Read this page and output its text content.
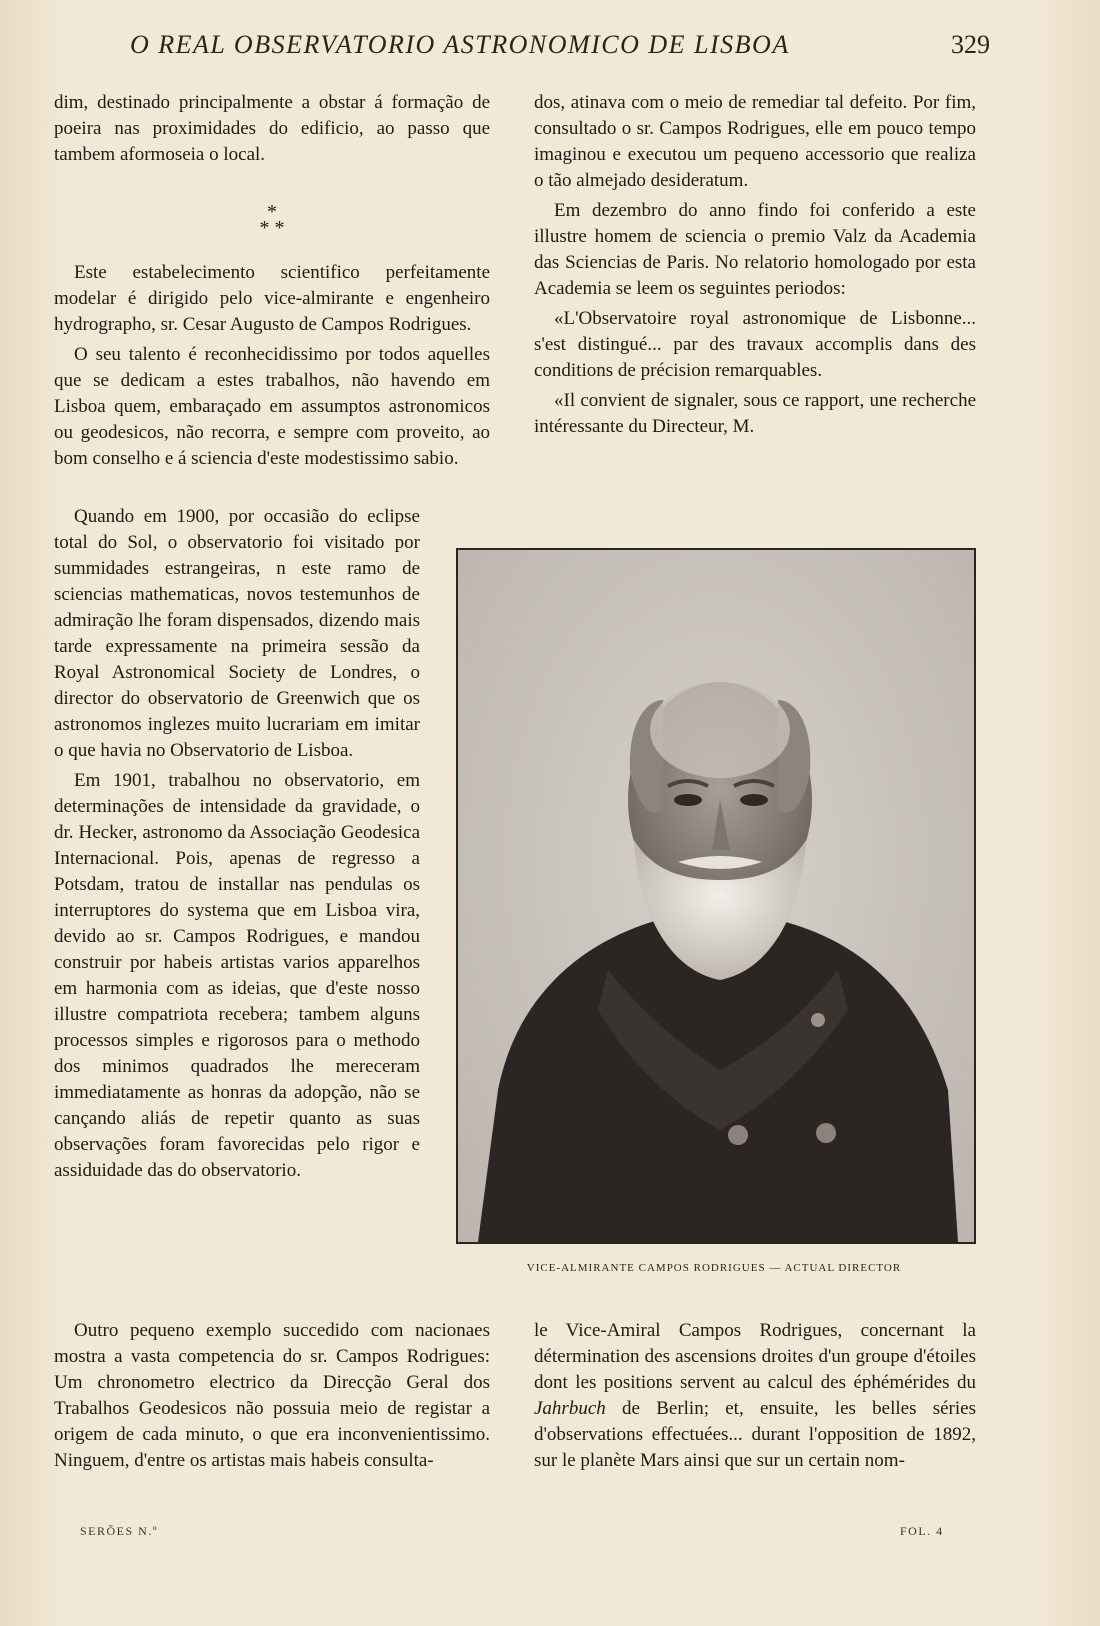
O REAL OBSERVATORIO ASTRONOMICO DE LISBOA	329

dim, destinado principalmente a obstar á formação de poeira nas proximidades do edificio, ao passo que tambem aformoseia o local.

*
* *

Este estabelecimento scientifico perfeitamente modelar é dirigido pelo vice-almirante e engenheiro hydrographo, sr. Cesar Augusto de Campos Rodrigues.

O seu talento é reconhecidissimo por todos aquelles que se dedicam a estes trabalhos, não havendo em Lisboa quem, embaraçado em assumptos astronomicos ou geodesicos, não recorra, e sempre com proveito, ao bom conselho e á sciencia d'este modestissimo sabio.

Quando em 1900, por occasião do eclipse total do Sol, o observatorio foi visitado por summidades estrangeiras, n este ramo de sciencias mathematicas, novos testemunhos de admiração lhe foram dispensados, dizendo mais tarde expressamente na primeira sessão da Royal Astronomical Society de Londres, o director do observatorio de Greenwich que os astronomos inglezes muito lucrariam em imitar o que havia no Observatorio de Lisboa.

Em 1901, trabalhou no observatorio, em determinações de intensidade da gravidade, o dr. Hecker, astronomo da Associação Geodesica Internacional. Pois, apenas de regresso a Potsdam, tratou de installar nas pendulas os interruptores do systema que em Lisboa vira, devido ao sr. Campos Rodrigues, e mandou construir por habeis artistas varios apparelhos em harmonia com as ideias, que d'este nosso illustre compatriota recebera; tambem alguns processos simples e rigorosos para o methodo dos minimos quadrados lhe mereceram immediatamente as honras da adopção, não se cançando aliás de repetir quanto as suas observações foram favorecidas pelo rigor e assiduidade das do observatorio.

Outro pequeno exemplo succedido com nacionaes mostra a vasta competencia do sr. Campos Rodrigues: Um chronometro electrico da Direcção Geral dos Trabalhos Geodesicos não possuia meio de registar a origem de cada minuto, o que era inconvenientissimo. Ninguem, d'entre os artistas mais habeis consulta-

dos, atinava com o meio de remediar tal defeito. Por fim, consultado o sr. Campos Rodrigues, elle em pouco tempo imaginou e executou um pequeno accessorio que realiza o tão almejado desideratum.

Em dezembro do anno findo foi conferido a este illustre homem de sciencia o premio Valz da Academia das Sciencias de Paris. No relatorio homologado por esta Academia se leem os seguintes periodos:

«L'Observatoire royal astronomique de Lisbonne... s'est distingué... par des travaux accomplis dans des conditions de précision remarquables.

«Il convient de signaler, sous ce rapport, une recherche intéressante du Directeur, M.

VICE-ALMIRANTE CAMPOS RODRIGUES — ACTUAL DIRECTOR

le Vice-Amiral Campos Rodrigues, concernant la détermination des ascensions droites d'un groupe d'étoiles dont les positions servent au calcul des éphémérides du Jahrbuch de Berlin; et, ensuite, les belles séries d'observations effectuées... durant l'opposition de 1892, sur le planète Mars ainsi que sur un certain nom-

SERÕES N.º	FOL. 4
